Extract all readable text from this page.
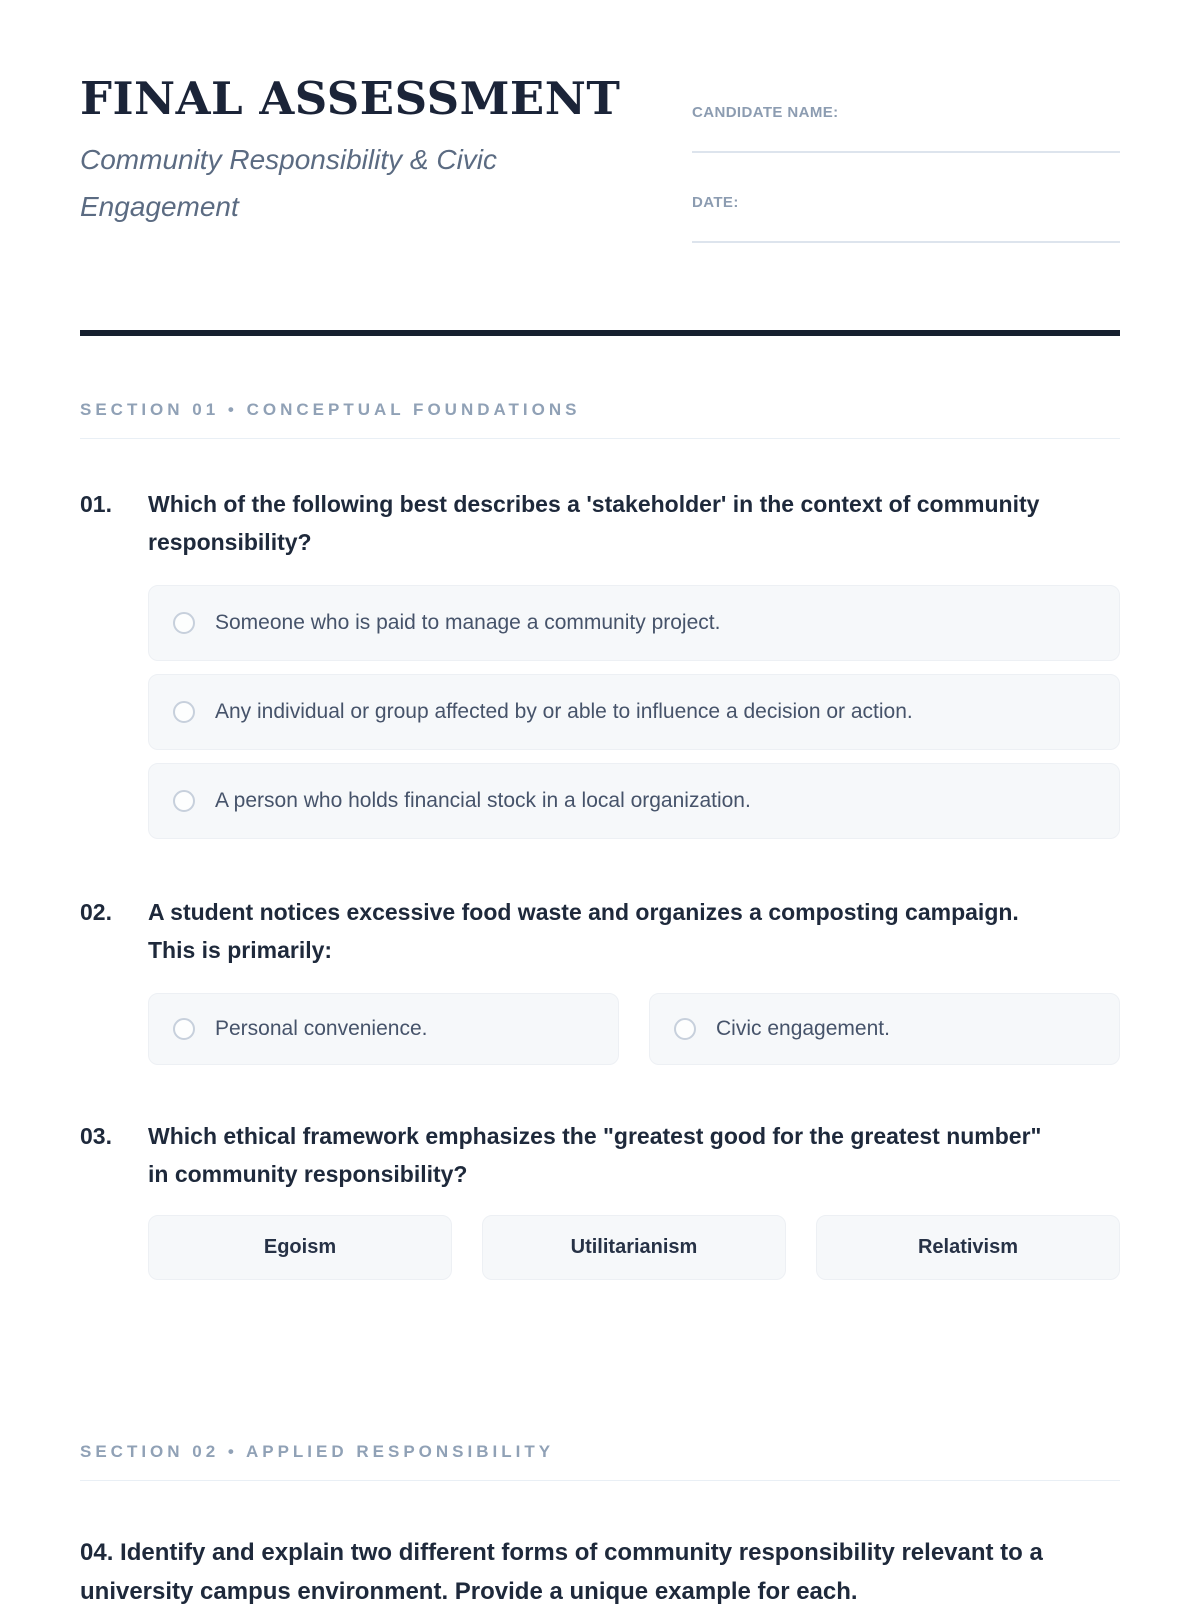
FINAL ASSESSMENT

Community Responsibility & Civic Engagement

CANDIDATE NAME:
DATE:
SECTION 01 • CONCEPTUAL FOUNDATIONS
01.	Which of the following best describes a 'stakeholder' in the context of community responsibility?
Someone who is paid to manage a community project.
Any individual or group affected by or able to influence a decision or action.
A person who holds financial stock in a local organization.
02.	A student notices excessive food waste and organizes a composting campaign. This is primarily:
Personal convenience.	Civic engagement.
03.	Which ethical framework emphasizes the "greatest good for the greatest number" in community responsibility?
Egoism	Utilitarianism	Relativism
SECTION 02 • APPLIED RESPONSIBILITY

04. Identify and explain two different forms of community responsibility relevant to a university campus environment. Provide a unique example for each.
